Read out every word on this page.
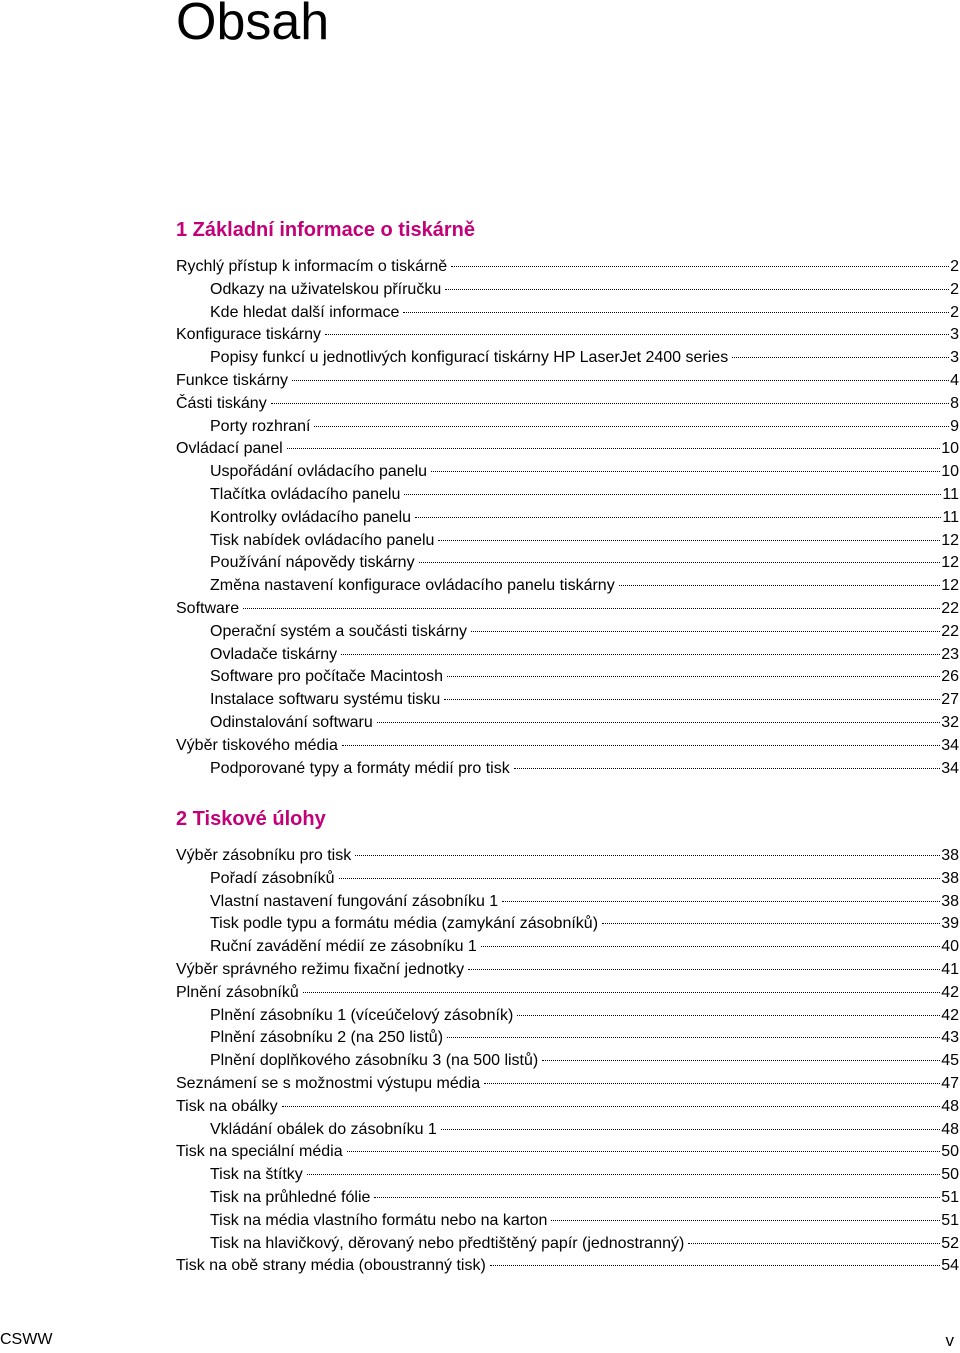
Obsah
1 Základní informace o tiskárně
Rychlý přístup k informacím o tiskárně	2
Odkazy na uživatelskou příručku	2
Kde hledat další informace	2
Konfigurace tiskárny	3
Popisy funkcí u jednotlivých konfigurací tiskárny HP LaserJet 2400 series	3
Funkce tiskárny	4
Části tiskány	8
Porty rozhraní	9
Ovládací panel	10
Uspořádání ovládacího panelu	10
Tlačítka ovládacího panelu	11
Kontrolky ovládacího panelu	11
Tisk nabídek ovládacího panelu	12
Používání nápovědy tiskárny	12
Změna nastavení konfigurace ovládacího panelu tiskárny	12
Software	22
Operační systém a součásti tiskárny	22
Ovladače tiskárny	23
Software pro počítače Macintosh	26
Instalace softwaru systému tisku	27
Odinstalování softwaru	32
Výběr tiskového média	34
Podporované typy a formáty médií pro tisk	34
2 Tiskové úlohy
Výběr zásobníku pro tisk	38
Pořadí zásobníků	38
Vlastní nastavení fungování zásobníku 1	38
Tisk podle typu a formátu média (zamykání zásobníků)	39
Ruční zavádění médií ze zásobníku 1	40
Výběr správného režimu fixační jednotky	41
Plnění zásobníků	42
Plnění zásobníku 1 (víceúčelový zásobník)	42
Plnění zásobníku 2 (na 250 listů)	43
Plnění doplňkového zásobníku 3 (na 500 listů)	45
Seznámení se s možnostmi výstupu média	47
Tisk na obálky	48
Vkládání obálek do zásobníku 1	48
Tisk na speciální média	50
Tisk na štítky	50
Tisk na průhledné fólie	51
Tisk na média vlastního formátu nebo na karton	51
Tisk na hlavičkový, děrovaný nebo předtištěný papír (jednostranný)	52
Tisk na obě strany média (oboustranný tisk)	54
CSWW	v
